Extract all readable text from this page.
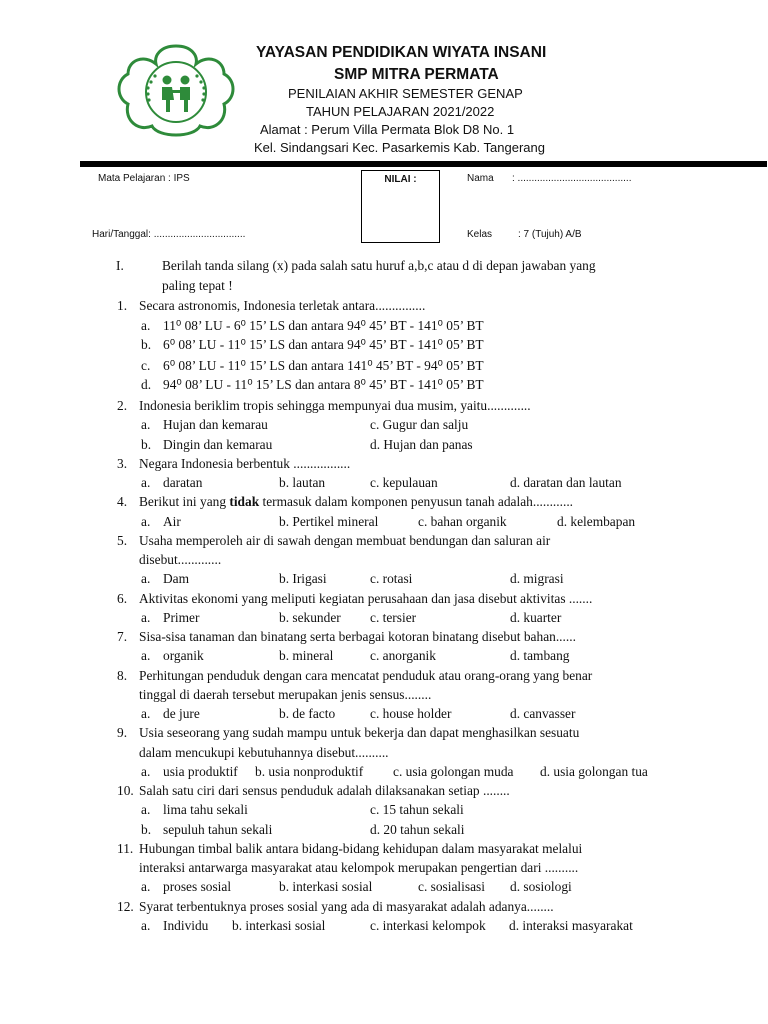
YAYASAN PENDIDIKAN WIYATA INSANI
SMP MITRA PERMATA
PENILAIAN AKHIR SEMESTER GENAP
TAHUN PELAJARAN 2021/2022
Alamat : Perum Villa Permata Blok D8 No. 1
Kel. Sindangsari Kec. Pasarkemis Kab. Tangerang
Mata Pelajaran : IPS	NILAI :	Nama : .........................................
Hari/Tanggal: .................................	Kelas	: 7 (Tujuh) A/B
I.	Berilah tanda silang (x) pada salah satu huruf a,b,c atau d di depan jawaban yang
paling tepat !
1. Secara astronomis, Indonesia terletak antara...............
a. 11⁰ 08’ LU - 6⁰ 15’ LS dan antara 94⁰ 45’ BT - 141⁰ 05’ BT
b. 6⁰ 08’ LU - 11⁰ 15’ LS dan antara 94⁰ 45’ BT - 141⁰ 05’ BT
c. 6⁰ 08’ LU - 11⁰ 15’ LS dan antara 141⁰ 45’ BT - 94⁰ 05’ BT
d. 94⁰ 08’ LU - 11⁰ 15’ LS dan antara 8⁰ 45’ BT - 141⁰ 05’ BT
2. Indonesia beriklim tropis sehingga mempunyai dua musim, yaitu.............
a. Hujan dan kemarau	c. Gugur dan salju
b. Dingin dan kemarau	d. Hujan dan panas
3. Negara Indonesia berbentuk .................
a. daratan	b. lautan	c. kepulauan	d. daratan dan lautan
4. Berikut ini yang tidak termasuk dalam komponen penyusun tanah adalah............
a. Air	b. Pertikel mineral	c. bahan organik	d. kelembapan
5. Usaha memperoleh air di sawah dengan membuat bendungan dan saluran air
disebut.............
a. Dam	b. Irigasi	c. rotasi	d. migrasi
6. Aktivitas ekonomi yang meliputi kegiatan perusahaan dan jasa disebut aktivitas .......
a. Primer	b. sekunder c. tersier	d. kuarter
7. Sisa-sisa tanaman dan binatang serta berbagai kotoran binatang disebut bahan......
a. organik	b. mineral	c. anorganik	d. tambang
8. Perhitungan penduduk dengan cara mencatat penduduk atau orang-orang yang benar
tinggal di daerah tersebut merupakan jenis sensus........
a. de jure	b. de facto	c. house holder	d. canvasser
9. Usia seseorang yang sudah mampu untuk bekerja dan dapat menghasilkan sesuatu
dalam mencukupi kebutuhannya disebut..........
a. usia produktif b. usia nonproduktif c. usia golongan muda d. usia golongan tua
10. Salah satu ciri dari sensus penduduk adalah dilaksanakan setiap ........
a. lima tahu sekali	c. 15 tahun sekali
b. sepuluh tahun sekali	d. 20 tahun sekali
11. Hubungan timbal balik antara bidang-bidang kehidupan dalam masyarakat melalui
interaksi antarwarga masyarakat atau kelompok merupakan pengertian dari ..........
a. proses sosial	b. interkasi sosial	c. sosialisasi d. sosiologi
12. Syarat terbentuknya proses sosial yang ada di masyarakat adalah adanya........
a. Individu b. interkasi sosial	c. interkasi kelompok d. interaksi masyarakat
